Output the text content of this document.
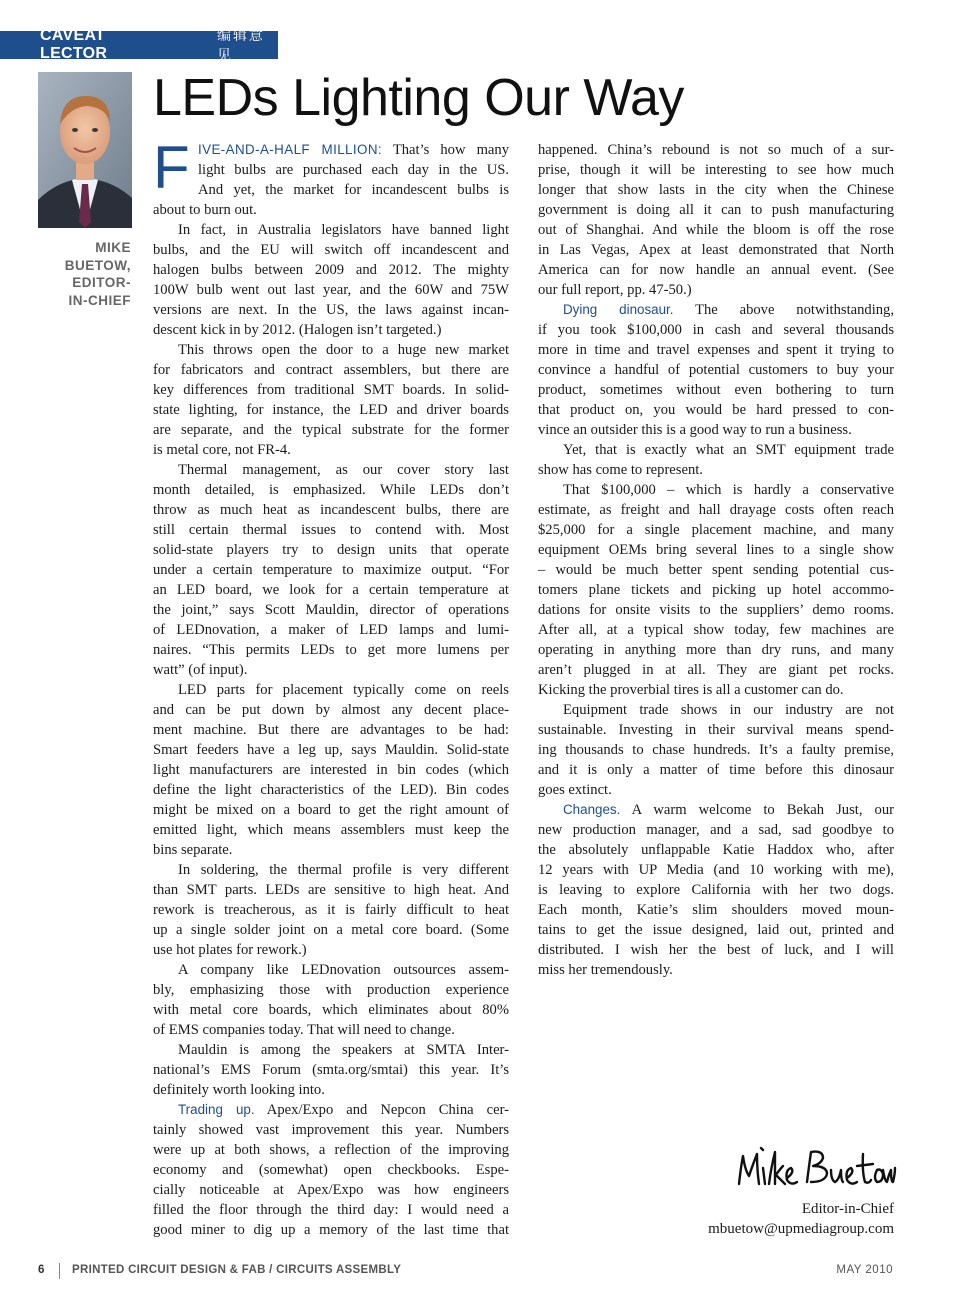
CAVEAT LECTOR
编辑意见
MIKE
BUETOW,
EDITOR-
IN-CHIEF
LEDs Lighting Our Way
F IVE-AND-A-HALF MILLION: That’s how many
light bulbs are purchased each day in the US.
And yet, the market for incandescent bulbs is
about to burn out.
In fact, in Australia legislators have banned light
bulbs, and the EU will switch off incandescent and
halogen bulbs between 2009 and 2012. The mighty
100W bulb went out last year, and the 60W and 75W
versions are next. In the US, the laws against incan-
descent kick in by 2012. (Halogen isn’t targeted.)
This throws open the door to a huge new market
for fabricators and contract assemblers, but there are
key differences from traditional SMT boards. In solid-
state lighting, for instance, the LED and driver boards
are separate, and the typical substrate for the former
is metal core, not FR-4.
Thermal management, as our cover story last
month detailed, is emphasized. While LEDs don’t
throw as much heat as incandescent bulbs, there are
still certain thermal issues to contend with. Most
solid-state players try to design units that operate
under a certain temperature to maximize output. “For
an LED board, we look for a certain temperature at
the joint,” says Scott Mauldin, director of operations
of LEDnovation, a maker of LED lamps and lumi-
naires. “This permits LEDs to get more lumens per
watt” (of input).
LED parts for placement typically come on reels
and can be put down by almost any decent place-
ment machine. But there are advantages to be had:
Smart feeders have a leg up, says Mauldin. Solid-state
light manufacturers are interested in bin codes (which
define the light characteristics of the LED). Bin codes
might be mixed on a board to get the right amount of
emitted light, which means assemblers must keep the
bins separate.
In soldering, the thermal profile is very different
than SMT parts. LEDs are sensitive to high heat. And
rework is treacherous, as it is fairly difficult to heat
up a single solder joint on a metal core board. (Some
use hot plates for rework.)
A company like LEDnovation outsources assem-
bly, emphasizing those with production experience
with metal core boards, which eliminates about 80%
of EMS companies today. That will need to change.
Mauldin is among the speakers at SMTA Inter-
national’s EMS Forum (smta.org/smtai) this year. It’s
definitely worth looking into.
Trading up. Apex/Expo and Nepcon China cer-
tainly showed vast improvement this year. Numbers
were up at both shows, a reflection of the improving
economy and (somewhat) open checkbooks. Espe-
cially noticeable at Apex/Expo was how engineers
filled the floor through the third day: I would need a
good miner to dig up a memory of the last time that
happened. China’s rebound is not so much of a sur-
prise, though it will be interesting to see how much
longer that show lasts in the city when the Chinese
government is doing all it can to push manufacturing
out of Shanghai. And while the bloom is off the rose
in Las Vegas, Apex at least demonstrated that North
America can for now handle an annual event. (See
our full report, pp. 47-50.)
Dying dinosaur. The above notwithstanding,
if you took $100,000 in cash and several thousands
more in time and travel expenses and spent it trying to
convince a handful of potential customers to buy your
product, sometimes without even bothering to turn
that product on, you would be hard pressed to con-
vince an outsider this is a good way to run a business.
Yet, that is exactly what an SMT equipment trade
show has come to represent.
That $100,000 – which is hardly a conservative
estimate, as freight and hall drayage costs often reach
$25,000 for a single placement machine, and many
equipment OEMs bring several lines to a single show
– would be much better spent sending potential cus-
tomers plane tickets and picking up hotel accommo-
dations for onsite visits to the suppliers’ demo rooms.
After all, at a typical show today, few machines are
operating in anything more than dry runs, and many
aren’t plugged in at all. They are giant pet rocks.
Kicking the proverbial tires is all a customer can do.
Equipment trade shows in our industry are not
sustainable. Investing in their survival means spend-
ing thousands to chase hundreds. It’s a faulty premise,
and it is only a matter of time before this dinosaur
goes extinct.
Changes. A warm welcome to Bekah Just, our
new production manager, and a sad, sad goodbye to
the absolutely unflappable Katie Haddox who, after
12 years with UP Media (and 10 working with me),
is leaving to explore California with her two dogs.
Each month, Katie’s slim shoulders moved moun-
tains to get the issue designed, laid out, printed and
distributed. I wish her the best of luck, and I will
miss her tremendously.
Editor-in-Chief
mbuetow@upmediagroup.com
6 PRINTED CIRCUIT DESIGN & FAB / CIRCUITS ASSEMBLY	MAY 2010
